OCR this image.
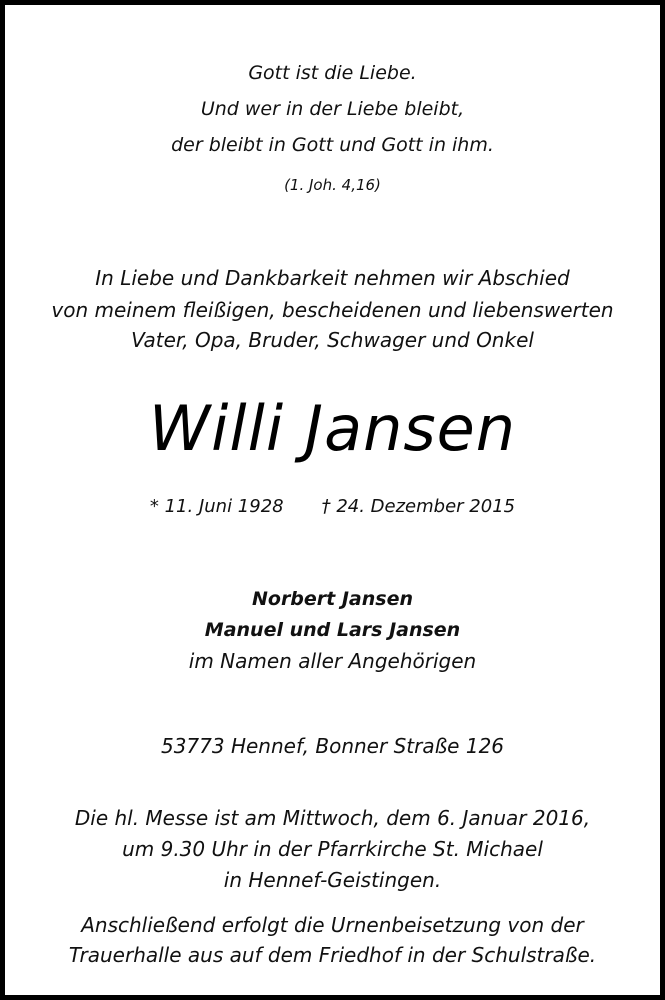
Gott ist die Liebe.
Und wer in der Liebe bleibt,
der bleibt in Gott und Gott in ihm.
(1. Joh. 4,16)
In Liebe und Dankbarkeit nehmen wir Abschied
von meinem fleißigen, bescheidenen und liebenswerten
Vater, Opa, Bruder, Schwager und Onkel
Willi Jansen
* 11. Juni 1928 † 24. Dezember 2015
Norbert Jansen
Manuel und Lars Jansen
im Namen aller Angehörigen
53773 Hennef, Bonner Straße 126
Die hl. Messe ist am Mittwoch, dem 6. Januar 2016,
um 9.30 Uhr in der Pfarrkirche St. Michael
in Hennef-Geistingen.
Anschließend erfolgt die Urnenbeisetzung von der
Trauerhalle aus auf dem Friedhof in der Schulstraße.
